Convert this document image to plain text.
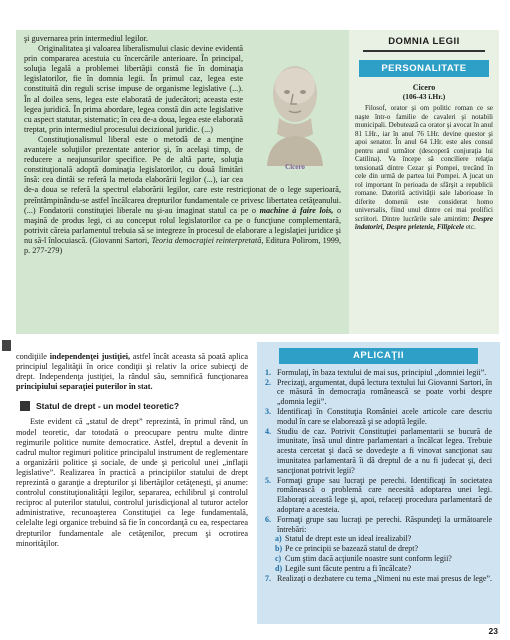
şi guvernarea prin intermediul legilor.

Cicero

Originalitatea şi valoarea liberalismului clasic devine evidentă prin compararea acestuia cu încercările anterioare. În principal, soluţia legală a problemei libertăţii constă fie în dominaţia legislatorilor, fie în domnia legii. În primul caz, legea este constituită din reguli scrise impuse de organisme legislative (...). În al doilea sens, legea este elaborată de judecători; aceasta este legea juridică. În prima abordare, legea constă din acte legislative cu aspect statutar, sistematic; în cea de-a doua, legea este elaborată treptat, prin intermediul procesului decizional juridic. (...)

Constituţionalismul liberal este o metodă de a menţine avantajele soluţiilor prezentate anterior şi, în acelaşi timp, de reducere a neajunsurilor specifice. Pe de altă parte, soluţia constituţională adoptă dominaţia legislatorilor, cu două limitări însă: cea dintâi se referă la metoda elaborării legilor (...), iar cea de-a doua se referă la spectrul elaborării legilor, care este restricţionat de o lege superioară, preîntâmpinându-se astfel încălcarea drepturilor fundamentale ce privesc libertatea cetăţeanului. (...) Fondatorii constituţiei liberale nu şi-au imaginat statul ca pe o machine à faire lois, o maşină de produs legi, ci au conceput rolul legislatorilor ca pe o funcţiune complementară, potrivit căreia parlamentul trebuia să se integreze în procesul de elaborare a legislaţiei juridice şi nu să-l înlocuiască. (Giovanni Sartori, Teoria democraţiei reinterpretată, Editura Polirom, 1999, p. 277-279)

DOMNIA LEGII
PERSONALITATE
Cicero
(106-43 î.Hr.)

Filosof, orator şi om politic roman ce se naşte într-o familie de cavaleri şi notabili municipali. Debutează ca orator şi avocat în anul 81 î.Hr., iar în anul 76 î.Hr. devine questor şi apoi senator. În anul 64 î.Hr. este ales consul pentru anul următor (descoperă conjuraţia lui Catilina). Va începe să conciliere relaţia tensionată dintre Cezar şi Pompei, trecând în cele din urmă de partea lui Pompei. A jucat un rol important în perioada de sfârşit a republicii romane. Datorită activităţii sale laborioase în diferite domenii este considerat homo universalis, fiind unul dintre cei mai prolifici scriitori. Dintre lucrările sale amintim: Despre îndatoriri, Despre prietenie, Filipicele etc.

condiţiile independenţei justiţiei, astfel încât aceasta să poată aplica principiul legalităţii în orice condiţii şi relativ la orice subiecţi de drept. Independenţa justiţiei, la rândul său, semnifică funcţionarea principiului separaţiei puterilor în stat.

Statul de drept - un model teoretic?

Este evident că „statul de drept” reprezintă, în primul rând, un model teoretic, dar totodată o preocupare pentru multe dintre regimurile politice numite democratice. Astfel, dreptul a devenit în cadrul multor regimuri politice principalul instrument de reglementare a organizării politice şi sociale, de unde şi pericolul unei „inflaţii legislative”. Realizarea în practică a principiilor statului de drept reprezintă o garanţie a drepturilor şi libertăţilor cetăţeneşti, şi anume: controlul constituţionalităţii legilor, separarea, echilibrul şi controlul reciproc al puterilor statului, controlul jurisdicţional al tuturor actelor administrative, recunoaşterea Constituţiei ca lege fundamentală, celelalte legi organice trebuind să fie în concordanţă cu ea, respectarea drepturilor fundamentale ale cetăţenilor, precum şi ocrotirea minorităţilor.

APLICAŢII
1. Formulaţi, în baza textului de mai sus, principiul „domniei legii”.
2. Precizaţi, argumentat, după lectura textului lui Giovanni Sartori, în ce măsură în democraţia românească se poate vorbi despre „domnia legii”.
3. Identificaţi în Constituţia României acele articole care descriu modul în care se elaborează şi se adoptă legile.
4. Studiu de caz. Potrivit Constituţiei parlamentarii se bucură de imunitate, însă unul dintre parlamentari a încălcat legea. Trebuie acesta cercetat şi dacă se dovedeşte a fi vinovat sancţionat sau imunitatea parlamentară îi dă dreptul de a nu fi judecat şi, deci sancţionat potrivit legii?
5. Formaţi grupe sau lucraţi pe perechi. Identificaţi în societatea românească o problemă care necesită adoptarea unei legi. Elaboraţi această lege şi, apoi, refaceţi procedura parlamentară de adoptare a acesteia.
6. Formaţi grupe sau lucraţi pe perechi. Răspundeţi la următoarele întrebări:
a) Statul de drept este un ideal irealizabil?
b) Pe ce principii se bazează statul de drept?
c) Cum ştim dacă acţiunile noastre sunt conform legii?
d) Legile sunt făcute pentru a fi încălcate?
7. Realizaţi o dezbatere cu tema „Nimeni nu este mai presus de lege”.
23
